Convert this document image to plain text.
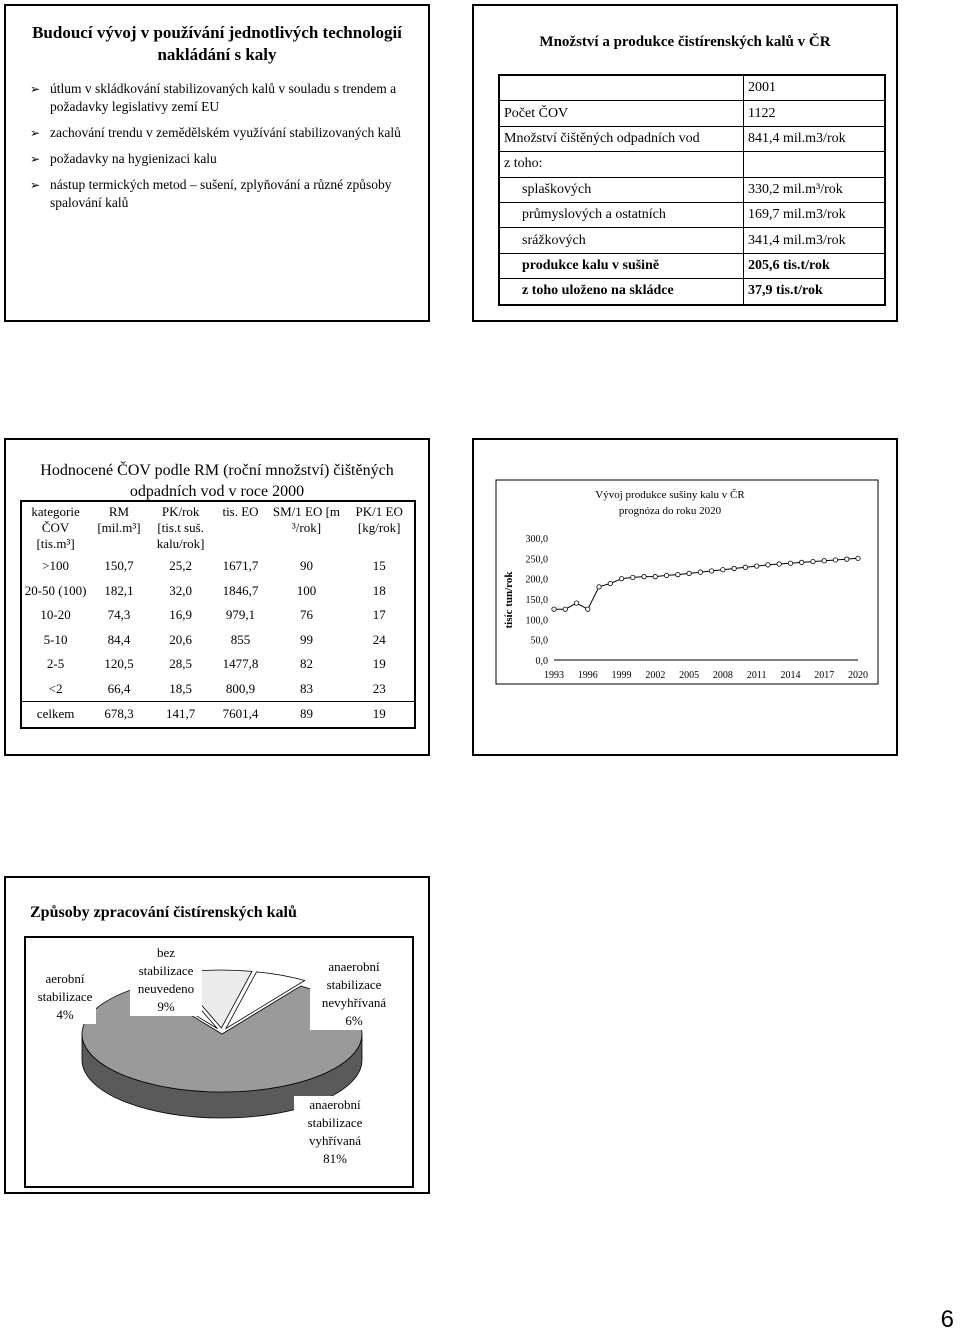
Budoucí vývoj v používání jednotlivých technologií nakládání s kaly
➢ útlum v skládkování stabilizovaných kalů v souladu s trendem a požadavky legislativy zemí EU
➢ zachování trendu v zemědělském využívání stabilizovaných kalů
➢ požadavky na hygienizaci kalu
➢ nástup termických metod – sušení, zplyňování a různé způsoby spalování kalů
Množství a produkce čistírenských kalů v ČR
	2001
Počet ČOV	1122
Množství čištěných odpadních vod	841,4 mil.m3/rok
z toho:	
splaškových	330,2 mil.m³/rok
průmyslových a ostatních	169,7 mil.m3/rok
srážkových	341,4 mil.m3/rok
produkce kalu v sušině	205,6 tis.t/rok
z toho uloženo na skládce	37,9 tis.t/rok
Hodnocené ČOV podle RM (roční množství) čištěných odpadních vod v roce 2000
kategorie ČOV [tis.m³]	RM [mil.m³]	PK/rok [tis.t suš. kalu/rok]	tis. EO	SM/1 EO [m ³/rok]	PK/1 EO [kg/rok]
>100	150,7	25,2	1671,7	90	15
20-50 (100)	182,1	32,0	1846,7	100	18
10-20	74,3	16,9	979,1	76	17
5-10	84,4	20,6	855	99	24
2-5	120,5	28,5	1477,8	82	19
<2	66,4	18,5	800,9	83	23
celkem	678,3	141,7	7601,4	89	19
Vývoj produkce sušiny kalu v ČR
prognóza do roku 2020
tisíc tun/rok
0,0
50,0
100,0
150,0
200,0
250,0
300,0
1993 1996 1999 2002 2005 2008 2011 2014 2017 2020
Způsoby zpracování čistírenských kalů
aerobní stabilizace
4%
bez stabilizace neuvedeno
9%
anaerobní stabilizace nevyhřívaná
6%
anaerobní stabilizace vyhřívaná
81%
6
